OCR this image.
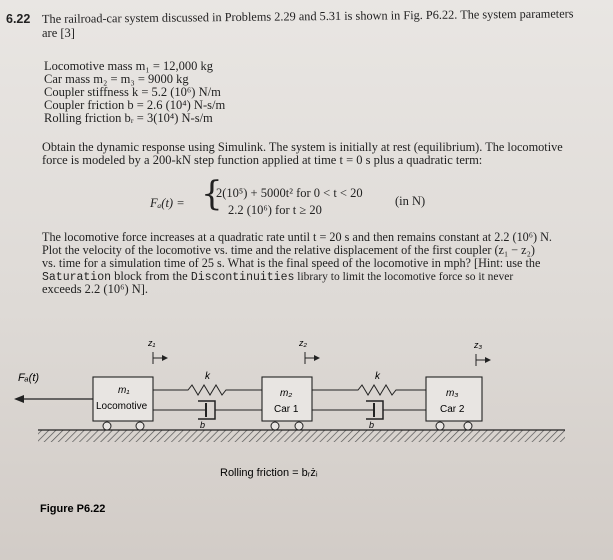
6.22 The railroad-car system discussed in Problems 2.29 and 5.31 is shown in Fig. P6.22. The system parameters
are [3]
Locomotive mass m₁ = 12,000 kg
Car mass m₂ = m₃ = 9000 kg
Coupler stiffness k = 5.2 (10⁶) N/m
Coupler friction b = 2.6 (10⁴) N-s/m
Rolling friction bᵣ = 3(10⁴) N-s/m
Obtain the dynamic response using Simulink. The system is initially at rest (equilibrium). The locomotive
force is modeled by a 200-kN step function applied at time t = 0 s plus a quadratic term:
Fₐ(t) = {
2(10⁵) + 5000t² for 0 < t < 20
2.2 (10⁶) for t ≥ 20
(in N)
The locomotive force increases at a quadratic rate until t = 20 s and then remains constant at 2.2 (10⁶) N.
Plot the velocity of the locomotive vs. time and the relative displacement of the first coupler (z₁ − z₂)
vs. time for a simulation time of 25 s. What is the final speed of the locomotive in mph? [Hint: use the
Saturation block from the Discontinuities library to limit the locomotive force so it never
exceeds 2.2 (10⁶) N].
Fₐ(t)
m₁
Locomotive
z₁
k
b
m₂
Car 1
z₂
k
b
m₃
Car 2
z₃
Rolling friction = bᵣżᵢ
Figure P6.22
